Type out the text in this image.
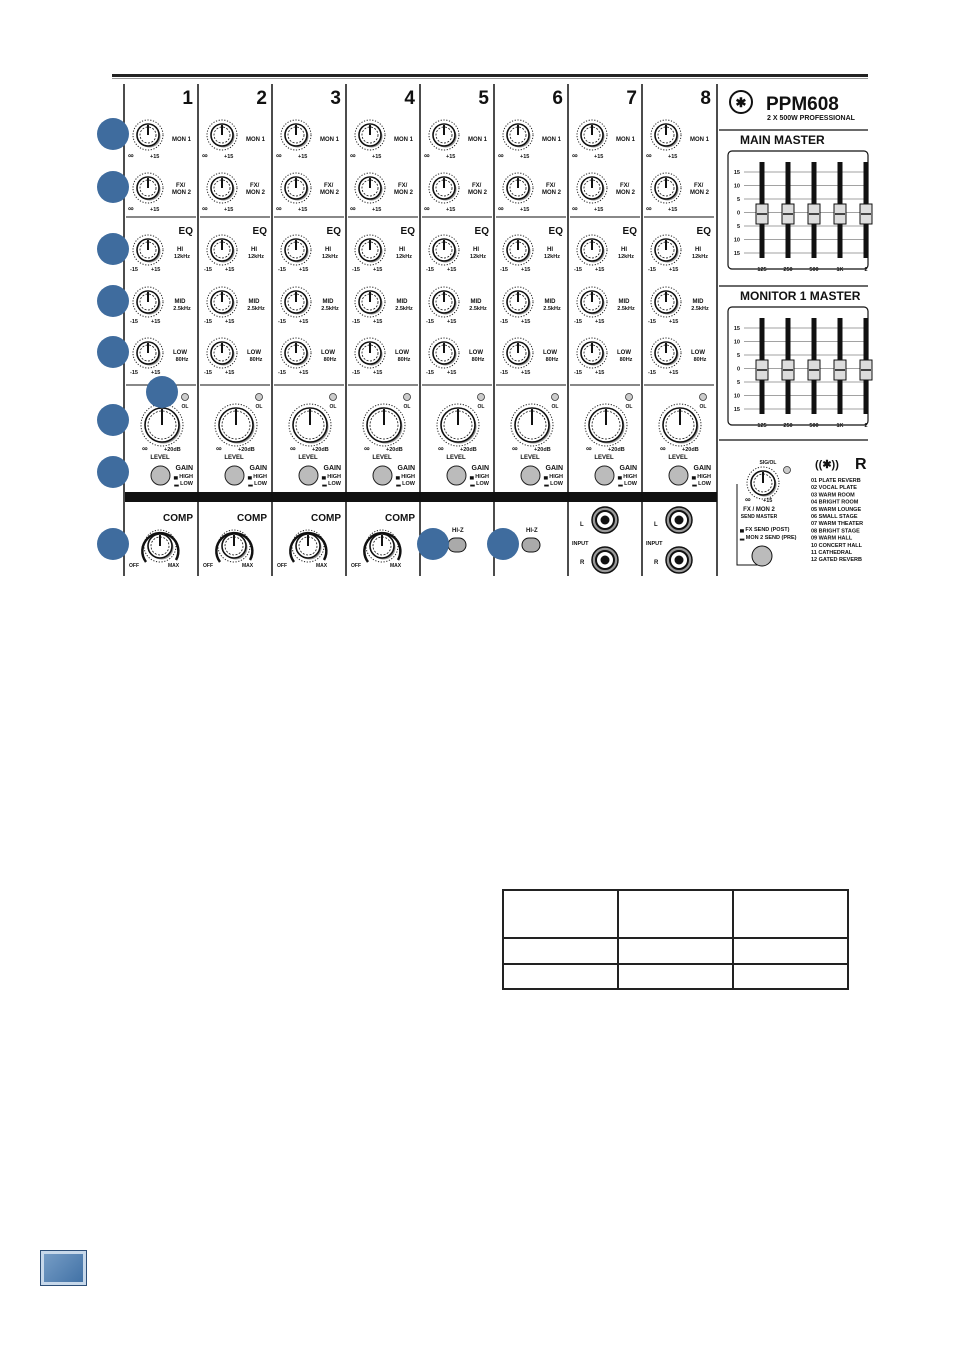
1
MON 1
∞	+15
FX/
MON 2
∞	+15
EQ
HI
12kHz
-15 +15
MID
2.5kHz
-15 +15
LOW
80Hz
-15 +15
OL
∞	+20dB
LEVEL
GAIN
▄ HIGH
▂ LOW
COMP
OFF	MAX
2
MON 1
∞	+15
FX/
MON 2
∞	+15
EQ
HI
12kHz
-15 +15
MID
2.5kHz
-15 +15
LOW
80Hz
-15 +15
OL
∞	+20dB
LEVEL
GAIN
▄ HIGH
▂ LOW
COMP
OFF	MAX
3
MON 1
∞	+15
FX/
MON 2
∞	+15
EQ
HI
12kHz
-15 +15
MID
2.5kHz
-15 +15
LOW
80Hz
-15 +15
OL
∞	+20dB
LEVEL
GAIN
▄ HIGH
▂ LOW
COMP
OFF	MAX
4
MON 1
∞	+15
FX/
MON 2
∞	+15
EQ
HI
12kHz
-15 +15
MID
2.5kHz
-15 +15
LOW
80Hz
-15 +15
OL
∞	+20dB
LEVEL
GAIN
▄ HIGH
▂ LOW
COMP
OFF	MAX
5
MON 1
∞	+15
FX/
MON 2
∞	+15
EQ
HI
12kHz
-15 +15
MID
2.5kHz
-15 +15
LOW
80Hz
-15 +15
OL
∞	+20dB
LEVEL
GAIN
▄ HIGH
▂ LOW
HI-Z
6
MON 1
∞	+15
FX/
MON 2
∞	+15
EQ
HI
12kHz
-15 +15
MID
2.5kHz
-15 +15
LOW
80Hz
-15 +15
OL
∞	+20dB
LEVEL
GAIN
▄ HIGH
▂ LOW
HI-Z
7
MON 1
∞	+15
FX/
MON 2
∞	+15
EQ
HI
12kHz
-15 +15
MID
2.5kHz
-15 +15
LOW
80Hz
-15 +15
OL
∞	+20dB
LEVEL
GAIN
▄ HIGH
▂ LOW
L
INPUT
R
8
MON 1
∞	+15
FX/
MON 2
∞	+15
EQ
HI
12kHz
-15 +15
MID
2.5kHz
-15 +15
LOW
80Hz
-15 +15
OL
∞	+20dB
LEVEL
GAIN
▄ HIGH
▂ LOW
L
INPUT
R
✱ PPM608
2 X 500W PROFESSIONAL
MAIN MASTER
15
10
5
0
5
10
15
125	250	500	1K	2
MONITOR 1 MASTER
15
10
5
0
5
10
15
125	250	500	1K	2
SIG/OL
∞ +15
FX / MON 2
SEND MASTER
▄ FX SEND (POST)
▂ MON 2 SEND (PRE)
((✱)) R
01 PLATE REVERB
02 VOCAL PLATE
03 WARM ROOM
04 BRIGHT ROOM
05 WARM LOUNGE
06 SMALL STAGE
07 WARM THEATER
08 BRIGHT STAGE
09 WARM HALL
10 CONCERT HALL
11 CATHEDRAL
12 GATED REVERB
